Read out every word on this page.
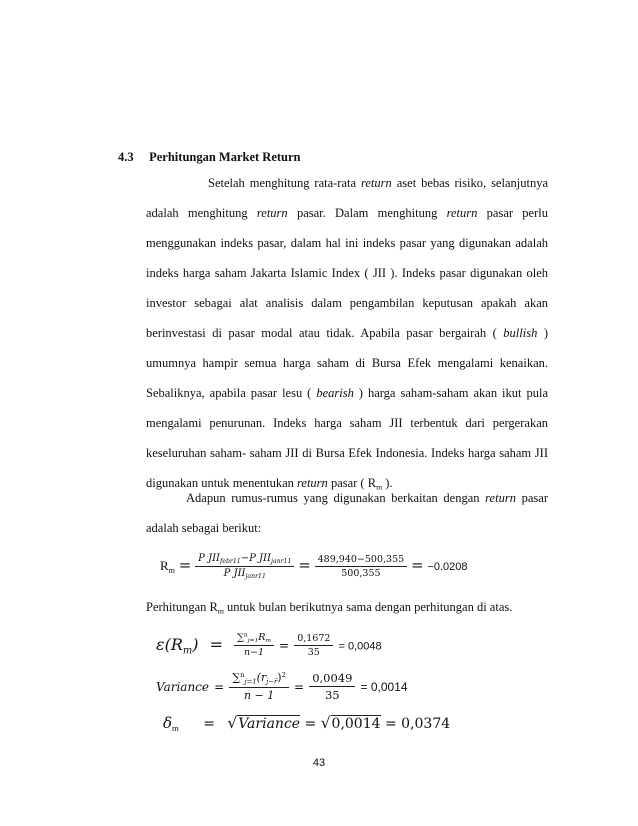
4.3 Perhitungan Market Return
Setelah menghitung rata-rata return aset bebas risiko, selanjutnya adalah menghitung return pasar. Dalam menghitung return pasar perlu menggunakan indeks pasar, dalam hal ini indeks pasar yang digunakan adalah indeks harga saham Jakarta Islamic Index ( JII ). Indeks pasar digunakan oleh investor sebagai alat analisis dalam pengambilan keputusan apakah akan berinvestasi di pasar modal atau tidak. Apabila pasar bergairah ( bullish ) umumnya hampir semua harga saham di Bursa Efek mengalami kenaikan. Sebaliknya, apabila pasar lesu ( bearish ) harga saham-saham akan ikut pula mengalami penurunan. Indeks harga saham JII terbentuk dari pergerakan keseluruhan saham- saham JII di Bursa Efek Indonesia. Indeks harga saham JII digunakan untuk menentukan return pasar ( $R_m$ ).
Adapun rumus-rumus yang digunakan berkaitan dengan return pasar adalah sebagai berikut:
$R_m = \frac{P JII_{febr11}-P JII_{janr11}}{P JII_{janr11}} = \frac{489,940-500,355}{500,355} = -0.0208$
Perhitungan $R_m$ untuk bulan berikutnya sama dengan perhitungan di atas.
$\varepsilon(R_m) = \frac{\sum^n_{j=1}R_m}{n-1} = \frac{0,1672}{35} = 0,0048$
Variance = $\frac{\sum^n_{j=1}(r_{j-r̄})^2}{n - 1} = \frac{0,0049}{35} = 0,0014$
$\delta_m$ = √Variance = √0,0014 = 0,0374
43
